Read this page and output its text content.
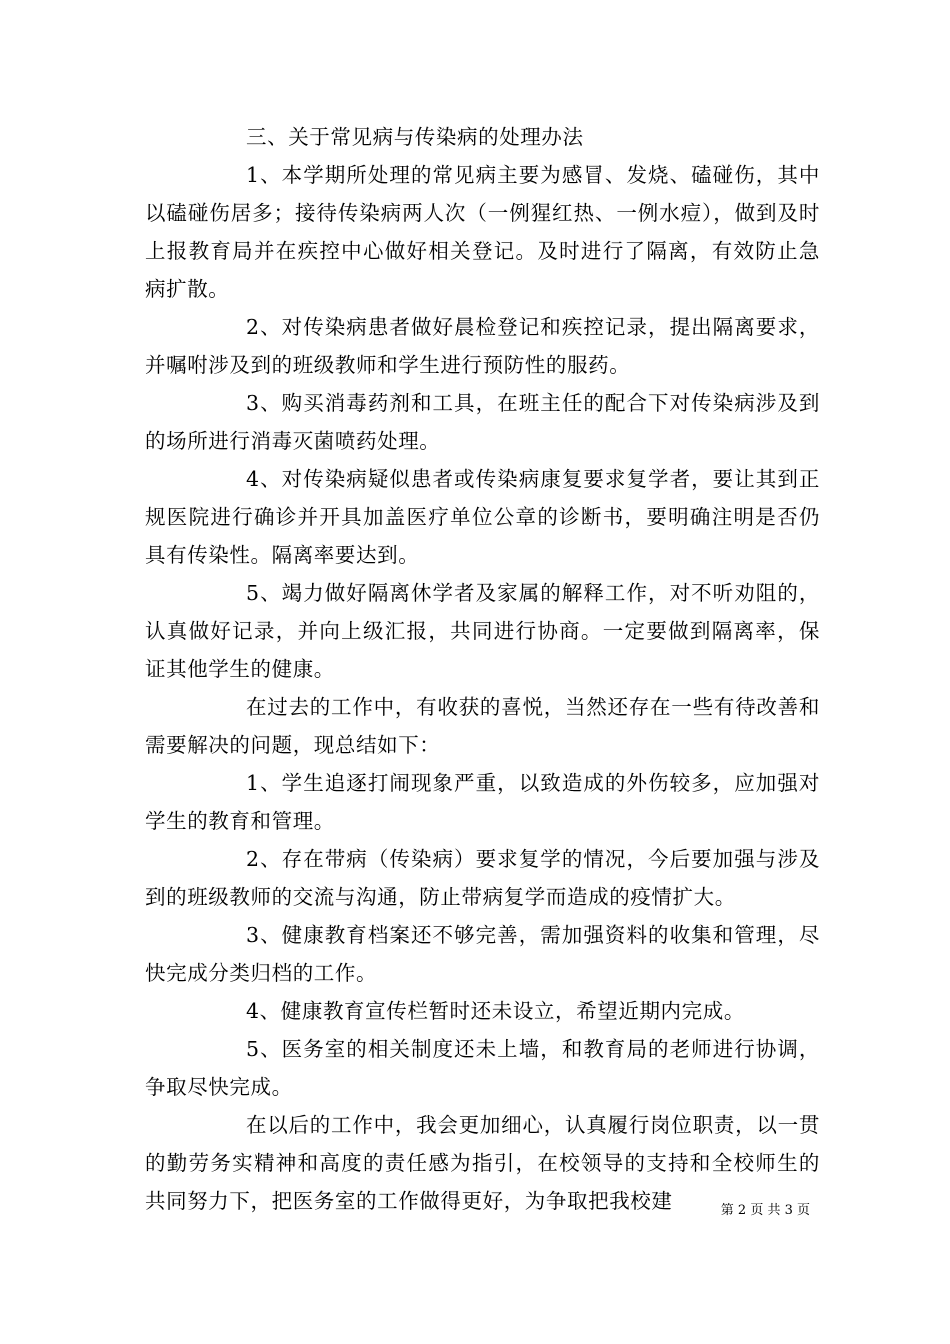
三、关于常见病与传染病的处理办法

1、本学期所处理的常见病主要为感冒、发烧、磕碰伤，其中以磕碰伤居多；接待传染病两人次（一例猩红热、一例水痘），做到及时上报教育局并在疾控中心做好相关登记。及时进行了隔离，有效防止急病扩散。

2、对传染病患者做好晨检登记和疾控记录，提出隔离要求，并嘱咐涉及到的班级教师和学生进行预防性的服药。

3、购买消毒药剂和工具，在班主任的配合下对传染病涉及到的场所进行消毒灭菌喷药处理。

4、对传染病疑似患者或传染病康复要求复学者，要让其到正规医院进行确诊并开具加盖医疗单位公章的诊断书，要明确注明是否仍具有传染性。隔离率要达到。

5、竭力做好隔离休学者及家属的解释工作，对不听劝阻的，认真做好记录，并向上级汇报，共同进行协商。一定要做到隔离率，保证其他学生的健康。

在过去的工作中，有收获的喜悦，当然还存在一些有待改善和需要解决的问题，现总结如下：

1、学生追逐打闹现象严重，以致造成的外伤较多，应加强对学生的教育和管理。

2、存在带病（传染病）要求复学的情况，今后要加强与涉及到的班级教师的交流与沟通，防止带病复学而造成的疫情扩大。

3、健康教育档案还不够完善，需加强资料的收集和管理，尽快完成分类归档的工作。

4、健康教育宣传栏暂时还未设立，希望近期内完成。

5、医务室的相关制度还未上墙，和教育局的老师进行协调，争取尽快完成。

在以后的工作中，我会更加细心，认真履行岗位职责，以一贯的勤劳务实精神和高度的责任感为指引，在校领导的支持和全校师生的共同努力下，把医务室的工作做得更好，为争取把我校建	第 2 页 共 3 页
